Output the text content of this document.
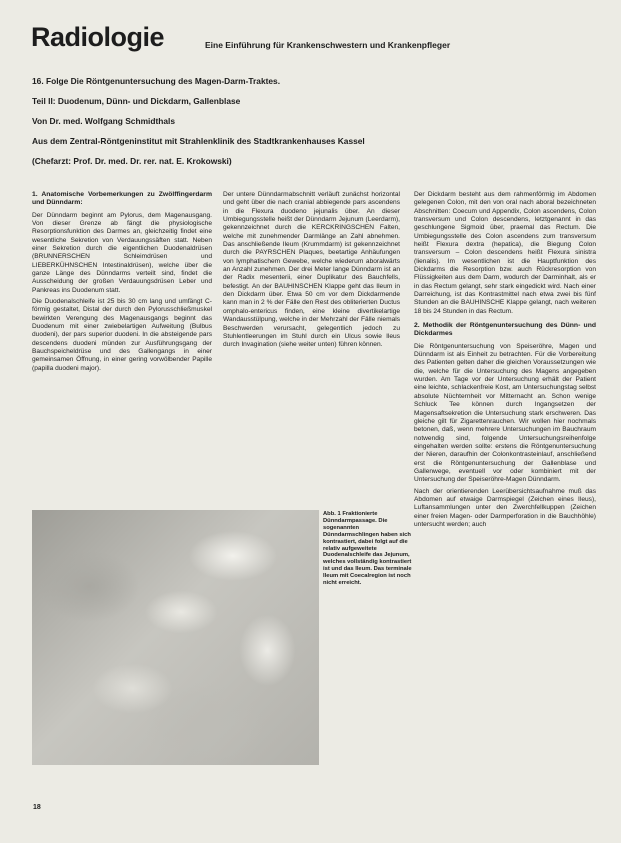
Radiologie	Eine Einführung für Krankenschwestern und Krankenpfleger
16. Folge Die Röntgenuntersuchung des Magen-Darm-Traktes.
Teil II: Duodenum, Dünn- und Dickdarm, Gallenblase
Von Dr. med. Wolfgang Schmidthals
Aus dem Zentral-Röntgeninstitut mit Strahlenklinik des Stadtkrankenhauses Kassel
(Chefarzt: Prof. Dr. med. Dr. rer. nat. E. Krokowski)
1. Anatomische Vorbemerkungen zu Zwölffingerdarm und Dünndarm:

Der Dünndarm beginnt am Pylorus, dem Magenausgang. Von dieser Grenze ab fängt die physiologische Resorptionsfunktion des Darmes an, gleichzeitig findet eine wesentliche Sekretion von Verdauungssäften statt. Neben einer Sekretion durch die eigentlichen Duodenaldrüsen (BRUNNERSCHEN Schleimdrüsen und LIEBERKÜHNSCHEN Intestinaldrüsen), welche über die ganze Länge des Dünndarms verteilt sind, findet die Ausscheidung der großen Verdauungsdrüsen Leber und Pankreas ins Duodenum statt.

Die Duodenalschleife ist 25 bis 30 cm lang und umfängt C-förmig gestaltet, Distal der durch den Pylorusschließmuskel bewirkten Verengung des Magenausgangs beginnt das Duodenum mit einer zwiebelartigen Aufweitung (Bulbus duodeni), der pars superior duodeni. In die absteigende pars descendens duodeni münden zur Ausführungsgang der Bauchspeicheldrüse und des Gallengangs in einer gemeinsamen Öffnung, in einer gering vorwölbender Papille (papilla duodeni major).

Der untere Dünndarmabschnitt verläuft zunächst horizontal und geht über die nach cranial abbiegende pars ascendens in die Flexura duodeno jejunalis über. An dieser Umbiegungsstelle heißt der Dünndarm Jejunum (Leerdarm), gekennzeichnet durch die KERCKRINGSCHEN Falten, welche mit zunehmender Darmlänge an Zahl abnehmen. Das anschließende Ileum (Krummdarm) ist gekennzeichnet durch die PAYRSCHEN Plaques, beetartige Anhäufungen von lymphatischem Gewebe, welche wiederum aboralwärts an Anzahl zunehmen. Der drei Meter lange Dünndarm ist an der Radix mesenterii, einer Duplikatur des Bauchfells, befestigt. An der BAUHINSCHEN Klappe geht das Ileum in den Dickdarm über. Etwa 50 cm vor dem Dickdarmende kann man in 2 % der Fälle den Rest des obliterierten Ductus omphalo-entericus finden, eine kleine divertikelartige Wandausstülpung, welche in der Mehrzahl der Fälle niemals Beschwerden verursacht, gelegentlich jedoch zu Stuhlentleerungen im Stuhl durch ein Ulcus sowie Ileus durch Invagination (siehe weiter unten) führen können.

Der Dickdarm besteht aus dem rahmenförmig im Abdomen gelegenen Colon, mit den von oral nach aboral bezeichneten Abschnitten: Coecum und Appendix, Colon ascendens, Colon transversum und Colon descendens, letztgenannt in das geschlungene Sigmoid über, praemal das Rectum. Die Umbiegungsstelle des Colon ascendens zum transversum heißt Flexura dextra (hepatica), die Biegung Colon transversum – Colon descendens heißt Flexura sinistra (lienalis). Im wesentlichen ist die Hauptfunktion des Dickdarms die Resorption bzw. auch Rückresorption von Flüssigkeiten aus dem Darm, wodurch der Darminhalt, als er in das Rectum gelangt, sehr stark eingedickt wird. Nach einer Darreichung, ist das Kontrastmittel nach etwa zwei bis fünf Stunden an die BAUHINSCHE Klappe gelangt, nach weiteren 18 bis 24 Stunden in das Rectum.

2. Methodik der Röntgenuntersuchung des Dünn- und Dickdarmes

Die Röntgenuntersuchung von Speiseröhre, Magen und Dünndarm ist als Einheit zu betrachten. Für die Vorbereitung des Patienten gelten daher die gleichen Voraussetzungen wie die, welche für die Untersuchung des Magens angegeben wurden. Am Tage vor der Untersuchung erhält der Patient eine leichte, schlackenfreie Kost, am Untersuchungstag selbst absolute Nüchternheit vor Mitternacht an. Schon wenige Schluck Tee können durch Ingangsetzen der Magensaftsekretion die Untersuchung stark erschweren. Das gleiche gilt für Zigarettenrauchen. Wir wollen hier nochmals betonen, daß, wenn mehrere Untersuchungen im Bauchraum notwendig sind, folgende Untersuchungsreihenfolge eingehalten werden sollte: erstens die Röntgenuntersuchung der Nieren, daraufhin der Colonkontrasteinlauf, anschließend erst die Röntgenuntersuchung der Gallenblase und Gallenwege, eventuell vor oder kombiniert mit der Untersuchung der Speiseröhre-Magen Dünndarm.

Nach der orientierenden Leerübersichtsaufnahme muß das Abdomen auf etwaige Darmspiegel (Zeichen eines Ileus), Luftansammlungen unter den Zwerchfellkuppen (Zeichen einer freien Magen- oder Darmperforation in die Bauchhöhle) untersucht werden; auch

Abb. 1 Fraktionierte Dünndarmpassage. Die sogenannten Dünndarmschlingen haben sich kontrastiert, dabei folgt auf die relativ aufgeweitete Duodenalschleife das Jejunum, welches vollständig kontrastiert ist und das Ileum. Das terminale Ileum mit Coecalregion ist noch nicht erreicht.
18
